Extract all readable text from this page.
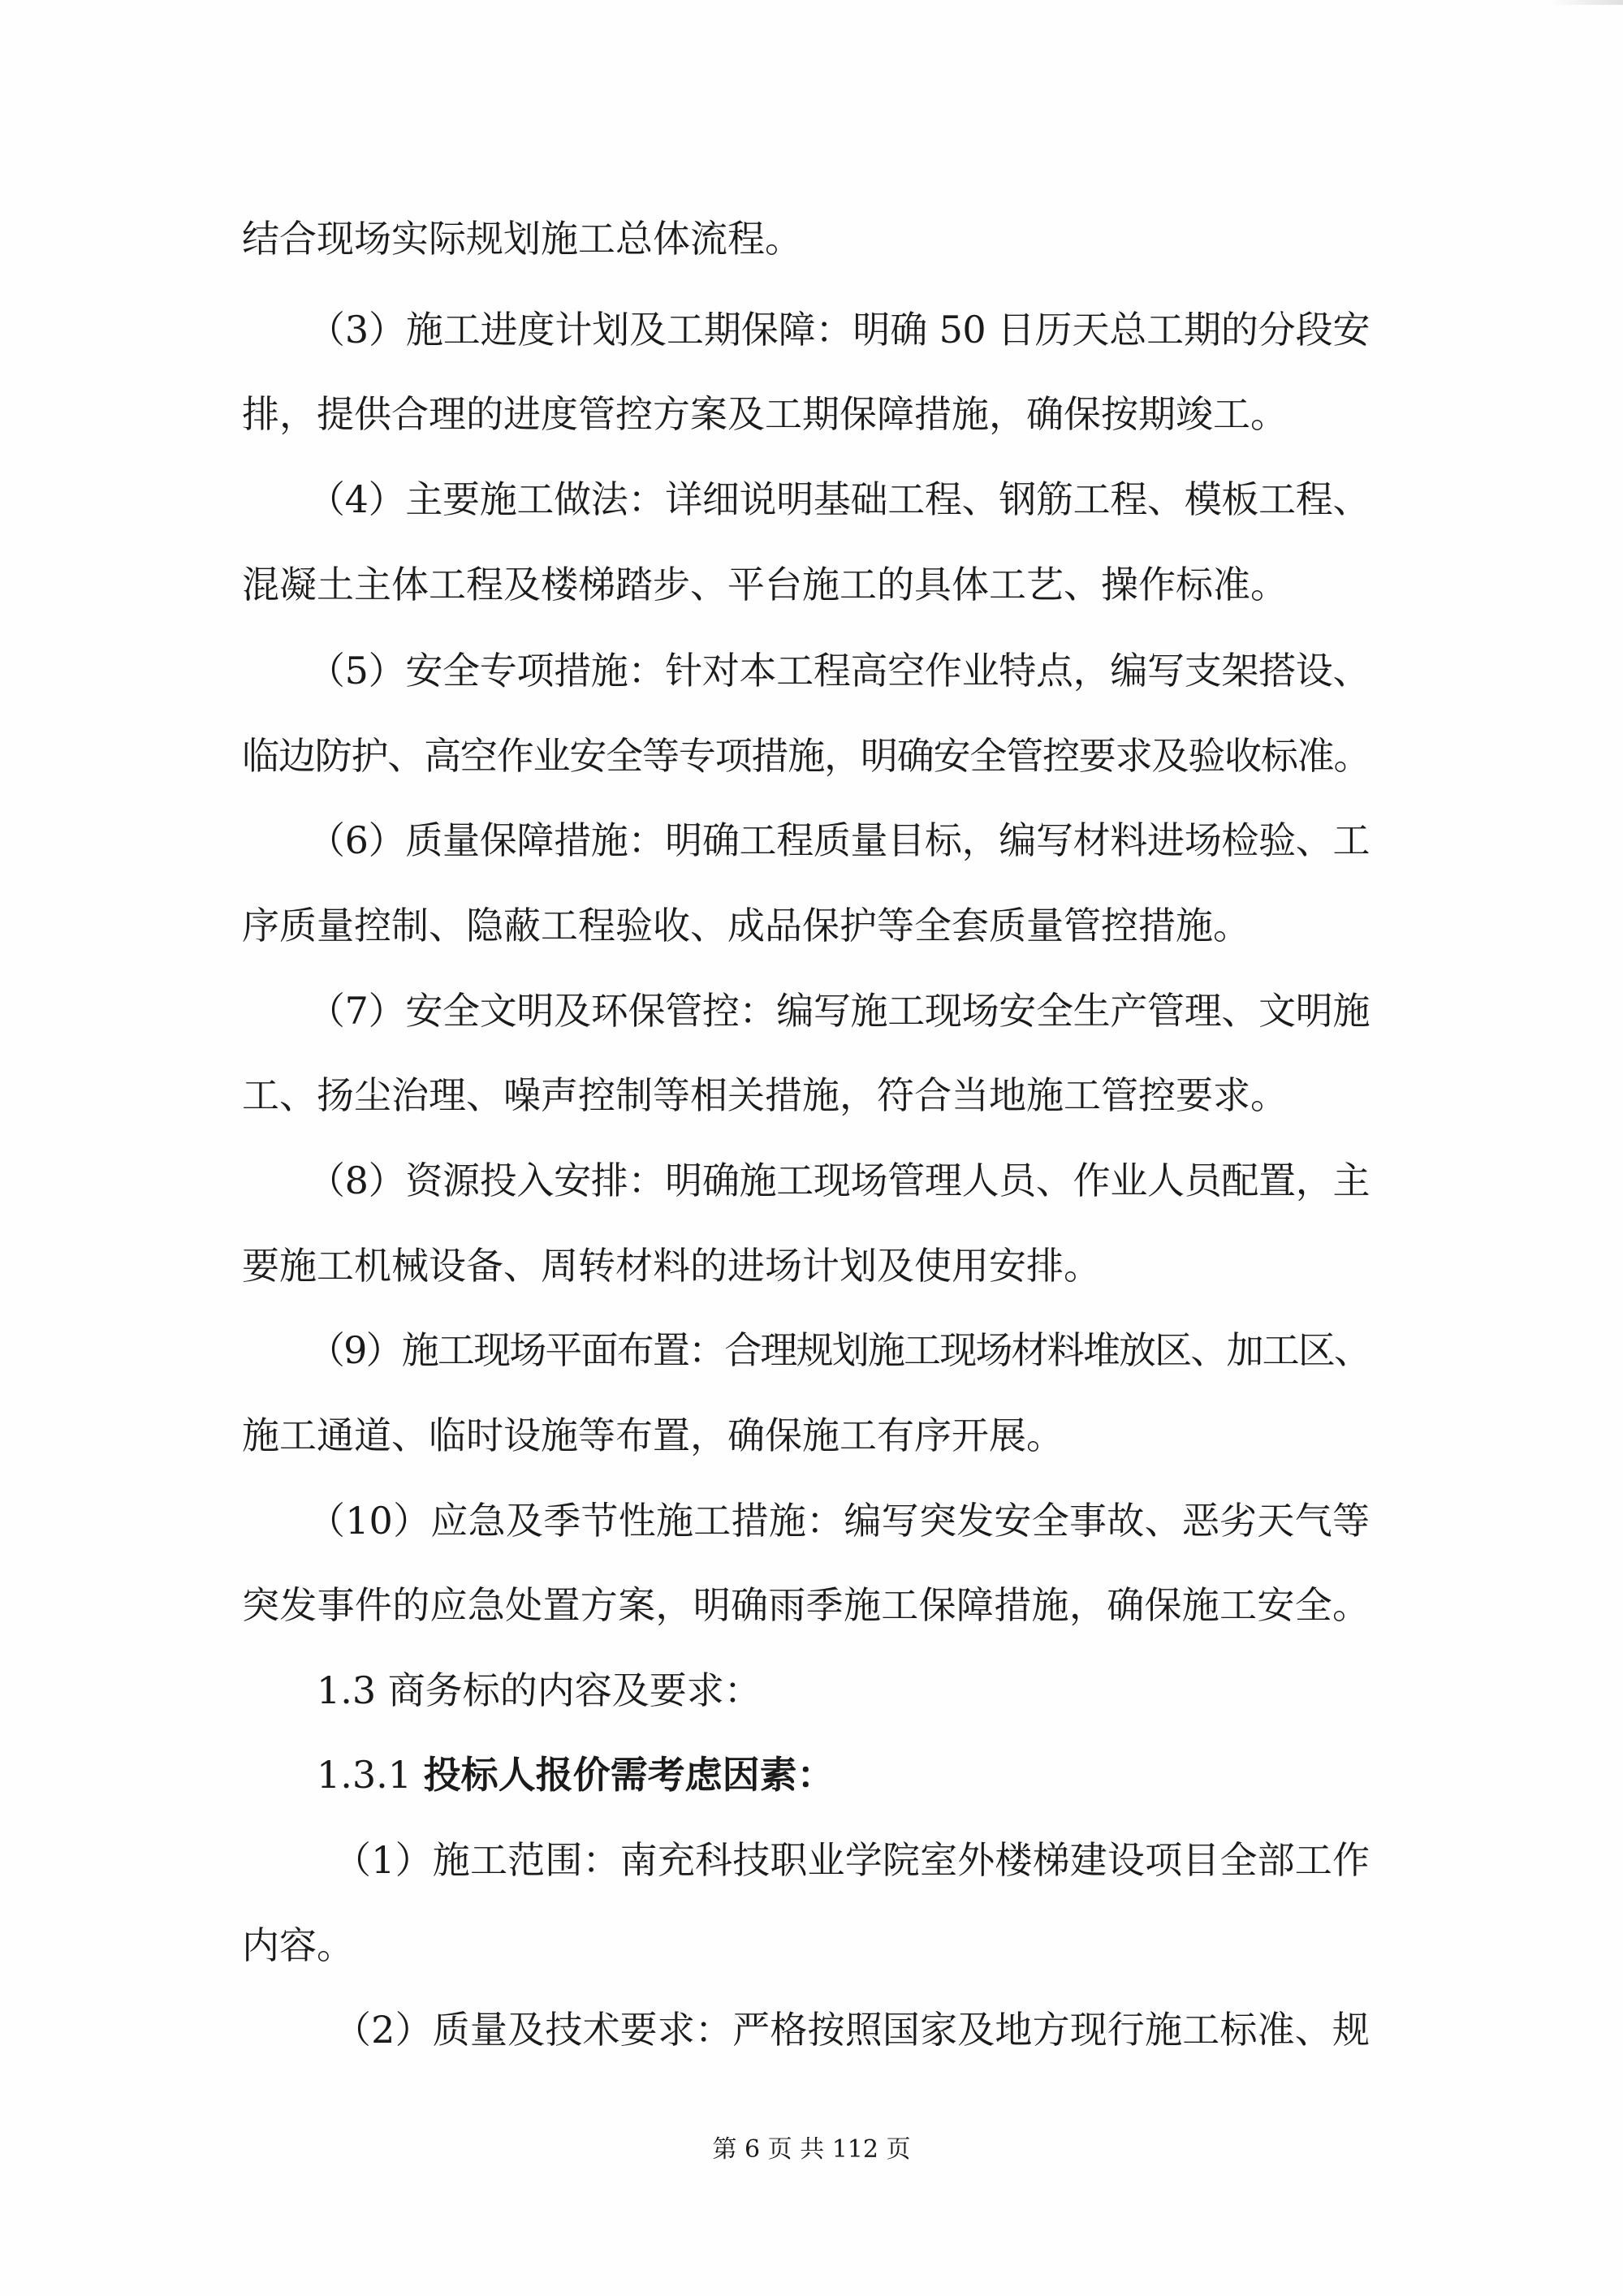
结合现场实际规划施工总体流程。
（3）施工进度计划及工期保障：明确 50 日历天总工期的分段安
排，提供合理的进度管控方案及工期保障措施，确保按期竣工。
（4）主要施工做法：详细说明基础工程、钢筋工程、模板工程、
混凝土主体工程及楼梯踏步、平台施工的具体工艺、操作标准。
（5）安全专项措施：针对本工程高空作业特点，编写支架搭设、
临边防护、高空作业安全等专项措施，明确安全管控要求及验收标准。
（6）质量保障措施：明确工程质量目标，编写材料进场检验、工
序质量控制、隐蔽工程验收、成品保护等全套质量管控措施。
（7）安全文明及环保管控：编写施工现场安全生产管理、文明施
工、扬尘治理、噪声控制等相关措施，符合当地施工管控要求。
（8）资源投入安排：明确施工现场管理人员、作业人员配置，主
要施工机械设备、周转材料的进场计划及使用安排。
（9）施工现场平面布置：合理规划施工现场材料堆放区、加工区、
施工通道、临时设施等布置，确保施工有序开展。
（10）应急及季节性施工措施：编写突发安全事故、恶劣天气等
突发事件的应急处置方案，明确雨季施工保障措施，确保施工安全。
1.3 商务标的内容及要求：
1.3.1 投标人报价需考虑因素：
（1）施工范围：南充科技职业学院室外楼梯建设项目全部工作
内容。
（2）质量及技术要求：严格按照国家及地方现行施工标准、规
第 6 页 共 112 页
